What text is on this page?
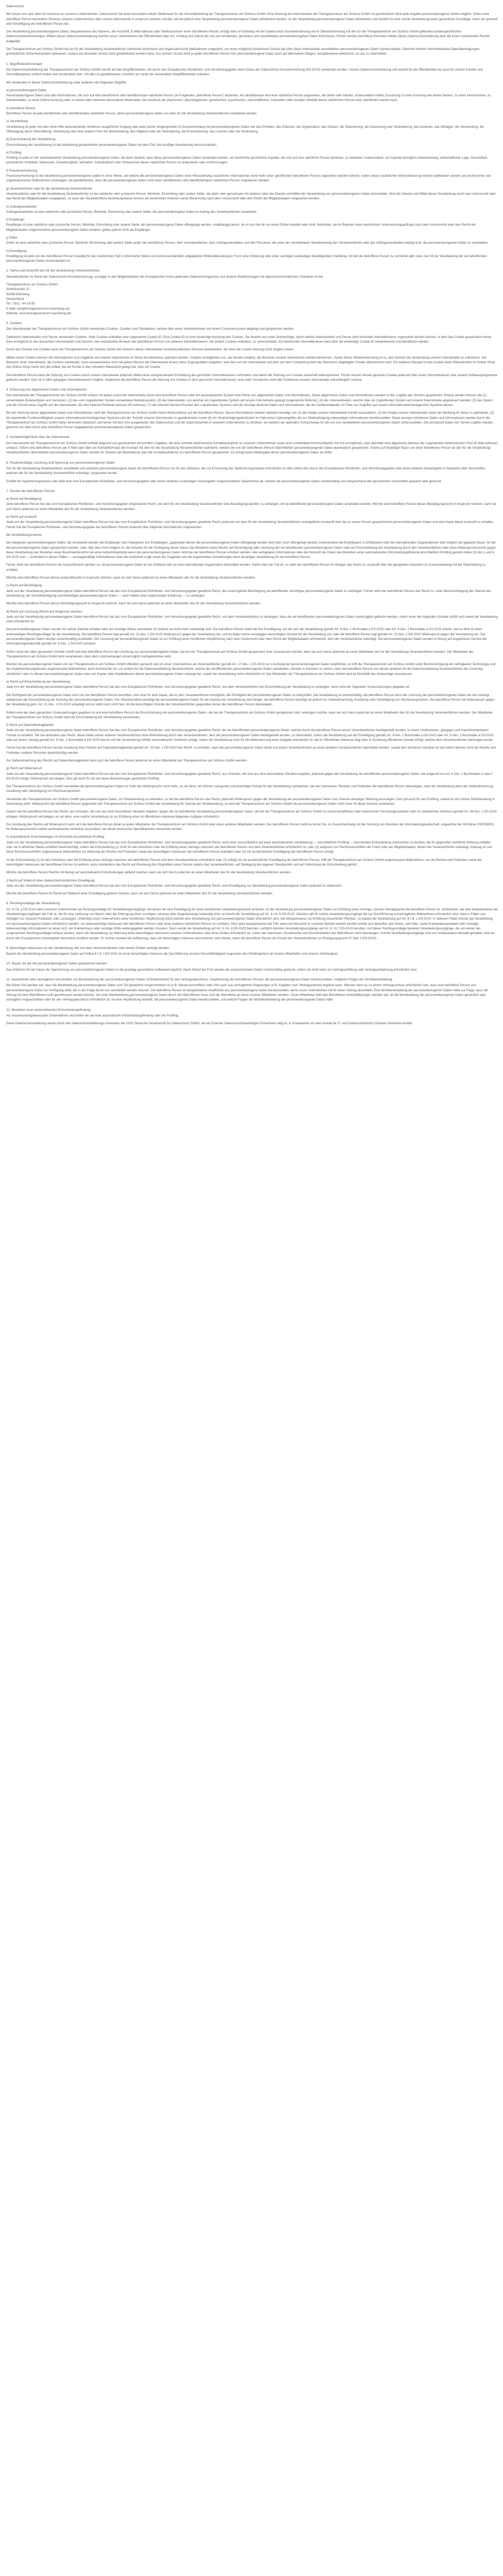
Datenschutz

Wir freuen uns sehr über Ihr Interesse an unserem Unternehmen. Datenschutz hat einen besonders hohen Stellenwert für die Geschäftsleitung der Therapiezentrum am Schloss GmbH. Eine Nutzung der Internetseiten der Therapiezentrum am Schloss GmbH ist grundsätzlich ohne jede Angabe personenbezogener Daten möglich. Sofern eine betroffene Person besondere Services unseres Unternehmens über unsere Internetseite in Anspruch nehmen möchte, könnte jedoch eine Verarbeitung personenbezogener Daten erforderlich werden. Ist die Verarbeitung personenbezogener Daten erforderlich und besteht für eine solche Verarbeitung keine gesetzliche Grundlage, holen wir generell eine Einwilligung der betroffenen Person ein.

Die Verarbeitung personenbezogener Daten, beispielsweise des Namens, der Anschrift, E-Mail-Adresse oder Telefonnummer einer betroffenen Person, erfolgt stets im Einklang mit der Datenschutz-Grundverordnung und in Übereinstimmung mit den für die Therapiezentrum am Schloss GmbH geltenden landesspezifischen Datenschutzbestimmungen. Mittels dieser Datenschutzerklärung möchte unser Unternehmen die Öffentlichkeit über Art, Umfang und Zweck der von uns erhobenen, genutzten und verarbeiteten personenbezogenen Daten informieren. Ferner werden betroffene Personen mittels dieser Datenschutzerklärung über die ihnen zustehenden Rechte aufgeklärt.

Die Therapiezentrum am Schloss GmbH hat als für die Verarbeitung Verantwortlicher zahlreiche technische und organisatorische Maßnahmen umgesetzt, um einen möglichst lückenlosen Schutz der über diese Internetseite verarbeiteten personenbezogenen Daten sicherzustellen. Dennoch können internetbasierte Datenübertragungen grundsätzlich Sicherheitslücken aufweisen, sodass ein absoluter Schutz nicht gewährleistet werden kann. Aus diesem Grund steht es jeder betroffenen Person frei, personenbezogene Daten auch auf alternativen Wegen, beispielsweise telefonisch, an uns zu übermitteln.

1. Begriffsbestimmungen

Die Datenschutzerklärung der Therapiezentrum am Schloss GmbH beruht auf den Begrifflichkeiten, die durch den Europäischen Richtlinien- und Verordnungsgeber beim Erlass der Datenschutz-Grundverordnung (DS-GVO) verwendet wurden. Unsere Datenschutzerklärung soll sowohl für die Öffentlichkeit als auch für unsere Kunden und Geschäftspartner einfach lesbar und verständlich sein. Um dies zu gewährleisten, möchten wir vorab die verwendeten Begrifflichkeiten erläutern.

Wir verwenden in dieser Datenschutzerklärung unter anderem die folgenden Begriffe:

a) personenbezogene Daten

Personenbezogene Daten sind alle Informationen, die sich auf eine identifizierte oder identifizierbare natürliche Person (im Folgenden „betroffene Person“) beziehen. Als identifizierbar wird eine natürliche Person angesehen, die direkt oder indirekt, insbesondere mittels Zuordnung zu einer Kennung wie einem Namen, zu einer Kennnummer, zu Standortdaten, zu einer Online-Kennung oder zu einem oder mehreren besonderen Merkmalen, die Ausdruck der physischen, physiologischen, genetischen, psychischen, wirtschaftlichen, kulturellen oder sozialen Identität dieser natürlichen Person sind, identifiziert werden kann.

b) betroffene Person

Betroffene Person ist jede identifizierte oder identifizierbare natürliche Person, deren personenbezogene Daten von dem für die Verarbeitung Verantwortlichen verarbeitet werden.

c) Verarbeitung

Verarbeitung ist jeder mit oder ohne Hilfe automatisierter Verfahren ausgeführte Vorgang oder jede solche Vorgangsreihe im Zusammenhang mit personenbezogenen Daten wie das Erheben, das Erfassen, die Organisation, das Ordnen, die Speicherung, die Anpassung oder Veränderung, das Auslesen, das Abfragen, die Verwendung, die Offenlegung durch Übermittlung, Verbreitung oder eine andere Form der Bereitstellung, den Abgleich oder die Verknüpfung, die Einschränkung, das Löschen oder die Vernichtung.

d) Einschränkung der Verarbeitung

Einschränkung der Verarbeitung ist die Markierung gespeicherter personenbezogener Daten mit dem Ziel, ihre künftige Verarbeitung einzuschränken.

e) Profiling

Profiling ist jede Art der automatisierten Verarbeitung personenbezogener Daten, die darin besteht, dass diese personenbezogenen Daten verwendet werden, um bestimmte persönliche Aspekte, die sich auf eine natürliche Person beziehen, zu bewerten, insbesondere, um Aspekte bezüglich Arbeitsleistung, wirtschaftlicher Lage, Gesundheit, persönlicher Vorlieben, Interessen, Zuverlässigkeit, Verhalten, Aufenthaltsort oder Ortswechsel dieser natürlichen Person zu analysieren oder vorherzusagen.

f) Pseudonymisierung

Pseudonymisierung ist die Verarbeitung personenbezogener Daten in einer Weise, auf welche die personenbezogenen Daten ohne Hinzuziehung zusätzlicher Informationen nicht mehr einer spezifischen betroffenen Person zugeordnet werden können, sofern diese zusätzlichen Informationen gesondert aufbewahrt werden und technischen und organisatorischen Maßnahmen unterliegen, die gewährleisten, dass die personenbezogenen Daten nicht einer identifizierten oder identifizierbaren natürlichen Person zugewiesen werden.

g) Verantwortlicher oder für die Verarbeitung Verantwortlicher

Verantwortlicher oder für die Verarbeitung Verantwortlicher ist die natürliche oder juristische Person, Behörde, Einrichtung oder andere Stelle, die allein oder gemeinsam mit anderen über die Zwecke und Mittel der Verarbeitung von personenbezogenen Daten entscheidet. Sind die Zwecke und Mittel dieser Verarbeitung durch das Unionsrecht oder das Recht der Mitgliedstaaten vorgegeben, so kann der Verantwortliche beziehungsweise können die bestimmten Kriterien seiner Benennung nach dem Unionsrecht oder dem Recht der Mitgliedstaaten vorgesehen werden.

h) Auftragsverarbeiter

Auftragsverarbeiter ist eine natürliche oder juristische Person, Behörde, Einrichtung oder andere Stelle, die personenbezogene Daten im Auftrag des Verantwortlichen verarbeitet.

i) Empfänger

Empfänger ist eine natürliche oder juristische Person, Behörde, Einrichtung oder andere Stelle, der personenbezogene Daten offengelegt werden, unabhängig davon, ob es sich bei ihr um einen Dritten handelt oder nicht. Behörden, die im Rahmen eines bestimmten Untersuchungsauftrags nach dem Unionsrecht oder dem Recht der Mitgliedstaaten möglicherweise personenbezogene Daten erhalten, gelten jedoch nicht als Empfänger.

j) Dritter

Dritter ist eine natürliche oder juristische Person, Behörde, Einrichtung oder andere Stelle außer der betroffenen Person, dem Verantwortlichen, dem Auftragsverarbeiter und den Personen, die unter der unmittelbaren Verantwortung des Verantwortlichen oder des Auftragsverarbeiters befugt sind, die personenbezogenen Daten zu verarbeiten.

k) Einwilligung

Einwilligung ist jede von der betroffenen Person freiwillig für den bestimmten Fall in informierter Weise und unmissverständlich abgegebene Willensbekundung in Form einer Erklärung oder einer sonstigen eindeutigen bestätigenden Handlung, mit der die betroffene Person zu verstehen gibt, dass sie mit der Verarbeitung der sie betreffenden personenbezogenen Daten einverstanden ist.

2. Name und Anschrift des für die Verarbeitung Verantwortlichen

Verantwortlicher im Sinne der Datenschutz-Grundverordnung, sonstiger in den Mitgliedstaaten der Europäischen Union geltenden Datenschutzgesetze und anderer Bestimmungen mit datenschutzrechtlichem Charakter ist die:

Therapiezentrum am Schloss GmbH
Schloßstraße 22
90459 Nürnberg
Deutschland
Tel.: 0911 / 44 29 55
E-Mail: info@therapiezentrum-nuernberg.net
Website: www.therapiezentrum-nuernberg.net

3. Cookies

Die Internetseiten der Therapiezentrum am Schloss GmbH verwenden Cookies. Cookies sind Textdateien, welche über einen Internetbrowser auf einem Computersystem abgelegt und gespeichert werden.

Zahlreiche Internetseiten und Server verwenden Cookies. Viele Cookies enthalten eine sogenannte Cookie-ID. Eine Cookie-ID ist eine eindeutige Kennung des Cookies. Sie besteht aus einer Zeichenfolge, durch welche Internetseiten und Server dem konkreten Internetbrowser zugeordnet werden können, in dem das Cookie gespeichert wurde. Dies ermöglicht es den besuchten Internetseiten und Servern, den individuellen Browser der betroffenen Person von anderen Internetbrowsern, die andere Cookies enthalten, zu unterscheiden. Ein bestimmter Internetbrowser kann über die eindeutige Cookie-ID wiedererkannt und identifiziert werden.

Durch den Einsatz von Cookies kann die Therapiezentrum am Schloss GmbH den Nutzern dieser Internetseite nutzerfreundlichere Services bereitstellen, die ohne die Cookie-Setzung nicht möglich wären.

Mittels eines Cookies können die Informationen und Angebote auf unserer Internetseite im Sinne des Benutzers optimiert werden. Cookies ermöglichen uns, wie bereits erwähnt, die Benutzer unserer Internetseite wiederzuerkennen. Zweck dieser Wiedererkennung ist es, den Nutzern die Verwendung unserer Internetseite zu erleichtern. Der Benutzer einer Internetseite, die Cookies verwendet, muss beispielsweise nicht bei jedem Besuch der Internetseite erneut seine Zugangsdaten eingeben, weil dies von der Internetseite und dem auf dem Computersystem des Benutzers abgelegten Cookie übernommen wird. Ein weiteres Beispiel ist das Cookie eines Warenkorbes im Online-Shop. Der Online-Shop merkt sich die Artikel, die ein Kunde in den virtuellen Warenkorb gelegt hat, über ein Cookie.

Die betroffene Person kann die Setzung von Cookies durch unsere Internetseite jederzeit mittels einer entsprechenden Einstellung des genutzten Internetbrowsers verhindern und damit der Setzung von Cookies dauerhaft widersprechen. Ferner können bereits gesetzte Cookies jederzeit über einen Internetbrowser oder andere Softwareprogramme gelöscht werden. Dies ist in allen gängigen Internetbrowsern möglich. Deaktiviert die betroffene Person die Setzung von Cookies in dem genutzten Internetbrowser, sind unter Umständen nicht alle Funktionen unserer Internetseite vollumfänglich nutzbar.

4. Erfassung von allgemeinen Daten und Informationen

Die Internetseite der Therapiezentrum am Schloss GmbH erfasst mit jedem Aufruf der Internetseite durch eine betroffene Person oder ein automatisiertes System eine Reihe von allgemeinen Daten und Informationen. Diese allgemeinen Daten und Informationen werden in den Logfiles des Servers gespeichert. Erfasst werden können die (1) verwendeten Browsertypen und Versionen, (2) das vom zugreifenden System verwendete Betriebssystem, (3) die Internetseite, von welcher ein zugreifendes System auf unsere Internetseite gelangt (sogenannte Referrer), (4) die Unterwebseiten, welche über ein zugreifendes System auf unserer Internetseite angesteuert werden, (5) das Datum und die Uhrzeit eines Zugriffs auf die Internetseite, (6) eine Internet-Protokoll-Adresse (IP-Adresse), (7) der Internet-Service-Provider des zugreifenden Systems und (8) sonstige ähnliche Daten und Informationen, die der Gefahrenabwehr im Falle von Angriffen auf unsere informationstechnologischen Systeme dienen.

Bei der Nutzung dieser allgemeinen Daten und Informationen zieht die Therapiezentrum am Schloss GmbH keine Rückschlüsse auf die betroffene Person. Diese Informationen werden vielmehr benötigt, um (1) die Inhalte unserer Internetseite korrekt auszuliefern, (2) die Inhalte unserer Internetseite sowie die Werbung für diese zu optimieren, (3) die dauerhafte Funktionsfähigkeit unserer informationstechnologischen Systeme und der Technik unserer Internetseite zu gewährleisten sowie (4) um Strafverfolgungsbehörden im Falle eines Cyberangriffes die zur Strafverfolgung notwendigen Informationen bereitzustellen. Diese anonym erhobenen Daten und Informationen werden durch die Therapiezentrum am Schloss GmbH daher einerseits statistisch und ferner mit dem Ziel ausgewertet, den Datenschutz und die Datensicherheit in unserem Unternehmen zu erhöhen, um letztlich ein optimales Schutzniveau für die von uns verarbeiteten personenbezogenen Daten sicherzustellen. Die anonymen Daten der Server-Logfiles werden getrennt von allen durch eine betroffene Person angegebenen personenbezogenen Daten gespeichert.

5. Kontaktmöglichkeit über die Internetseite

Die Internetseite der Therapiezentrum am Schloss GmbH enthält aufgrund von gesetzlichen Vorschriften Angaben, die eine schnelle elektronische Kontaktaufnahme zu unserem Unternehmen sowie eine unmittelbare Kommunikation mit uns ermöglichen, was ebenfalls eine allgemeine Adresse der sogenannten elektronischen Post (E-Mail-Adresse) umfasst. Sofern eine betroffene Person per E-Mail oder über ein Kontaktformular den Kontakt mit dem für die Verarbeitung Verantwortlichen aufnimmt, werden die von der betroffenen Person übermittelten personenbezogenen Daten automatisch gespeichert. Solche auf freiwilliger Basis von einer betroffenen Person an den für die Verarbeitung Verantwortlichen übermittelten personenbezogenen Daten werden für Zwecke der Bearbeitung oder der Kontaktaufnahme zur betroffenen Person gespeichert. Es erfolgt keine Weitergabe dieser personenbezogenen Daten an Dritte.

6. Routinemäßige Löschung und Sperrung von personenbezogenen Daten

Der für die Verarbeitung Verantwortliche verarbeitet und speichert personenbezogene Daten der betroffenen Person nur für den Zeitraum, der zur Erreichung des Speicherungszwecks erforderlich ist oder sofern dies durch den Europäischen Richtlinien- und Verordnungsgeber oder einen anderen Gesetzgeber in Gesetzen oder Vorschriften, welchen der für die Verarbeitung Verantwortliche unterliegt, vorgesehen wurde.

Entfällt der Speicherungszweck oder läuft eine vom Europäischen Richtlinien- und Verordnungsgeber oder einem anderen zuständigen Gesetzgeber vorgeschriebene Speicherfrist ab, werden die personenbezogenen Daten routinemäßig und entsprechend den gesetzlichen Vorschriften gesperrt oder gelöscht.

7. Rechte der betroffenen Person
a) Recht auf Bestätigung

Jede betroffene Person hat das vom Europäischen Richtlinien- und Verordnungsgeber eingeräumte Recht, von dem für die Verarbeitung Verantwortlichen eine Bestätigung darüber zu verlangen, ob sie betreffende personenbezogene Daten verarbeitet werden. Möchte eine betroffene Person dieses Bestätigungsrecht in Anspruch nehmen, kann sie sich hierzu jederzeit an einen Mitarbeiter des für die Verarbeitung Verantwortlichen wenden.

b) Recht auf Auskunft

Jede von der Verarbeitung personenbezogener Daten betroffene Person hat das vom Europäischen Richtlinien- und Verordnungsgeber gewährte Recht, jederzeit von dem für die Verarbeitung Verantwortlichen unentgeltliche Auskunft über die zu seiner Person gespeicherten personenbezogenen Daten und eine Kopie dieser Auskunft zu erhalten. Ferner hat der Europäische Richtlinien- und Verordnungsgeber der betroffenen Person Auskunft über folgende Informationen zugestanden:

die Verarbeitungszwecke

die Kategorien personenbezogener Daten, die verarbeitet werden die Empfänger oder Kategorien von Empfängern, gegenüber denen die personenbezogenen Daten offengelegt worden sind oder noch offengelegt werden, insbesondere bei Empfängern in Drittländern oder bei internationalen Organisationen falls möglich die geplante Dauer, für die die personenbezogenen Daten gespeichert werden, oder, falls dies nicht möglich ist, die Kriterien für die Festlegung dieser Dauer das Bestehen eines Rechts auf Berichtigung oder Löschung der sie betreffenden personenbezogenen Daten oder auf Einschränkung der Verarbeitung durch den Verantwortlichen oder eines Widerspruchsrechts gegen diese Verarbeitung das Bestehen eines Beschwerderechts bei einer Aufsichtsbehörde wenn die personenbezogenen Daten nicht bei der betroffenen Person erhoben werden: Alle verfügbaren Informationen über die Herkunft der Daten das Bestehen einer automatisierten Entscheidungsfindung einschließlich Profiling gemäß Artikel 22 Abs.1 und 4 DS-GVO und — zumindest in diesen Fällen — aussagekräftige Informationen über die involvierte Logik sowie die Tragweite und die angestrebten Auswirkungen einer derartigen Verarbeitung für die betroffene Person

Ferner steht der betroffenen Person ein Auskunftsrecht darüber zu, ob personenbezogene Daten an ein Drittland oder an eine internationale Organisation übermittelt wurden. Sofern dies der Fall ist, so steht der betroffenen Person im Übrigen das Recht zu, Auskunft über die geeigneten Garantien im Zusammenhang mit der Übermittlung zu erhalten.

Möchte eine betroffene Person dieses Auskunftsrecht in Anspruch nehmen, kann sie sich hierzu jederzeit an einen Mitarbeiter des für die Verarbeitung Verantwortlichen wenden.

c) Recht auf Berichtigung

Jede von der Verarbeitung personenbezogener Daten betroffene Person hat das vom Europäischen Richtlinien- und Verordnungsgeber gewährte Recht, die unverzügliche Berichtigung sie betreffender unrichtiger personenbezogener Daten zu verlangen. Ferner steht der betroffenen Person das Recht zu, unter Berücksichtigung der Zwecke der Verarbeitung, die Vervollständigung unvollständiger personenbezogener Daten — auch mittels einer ergänzenden Erklärung — zu verlangen.

Möchte eine betroffene Person dieses Berichtigungsrecht in Anspruch nehmen, kann sie sich hierzu jederzeit an einen Mitarbeiter des für die Verarbeitung Verantwortlichen wenden.

d) Recht auf Löschung (Recht auf Vergessen werden)

Jede von der Verarbeitung personenbezogener Daten betroffene Person hat das vom Europäischen Richtlinien- und Verordnungsgeber gewährte Recht, von dem Verantwortlichen zu verlangen, dass die sie betreffenden personenbezogenen Daten unverzüglich gelöscht werden, sofern einer der folgenden Gründe zutrifft und soweit die Verarbeitung nicht erforderlich ist:

Die personenbezogenen Daten wurden für solche Zwecke erhoben oder auf sonstige Weise verarbeitet, für welche sie nicht mehr notwendig sind. Die betroffene Person widerruft ihre Einwilligung, auf die sich die Verarbeitung gemäß Art. 6 Abs. 1 Buchstabe a DS-GVO oder Art. 9 Abs. 2 Buchstabe a DS-GVO stützte, und es fehlt an einer anderweitigen Rechtsgrundlage für die Verarbeitung. Die betroffene Person legt gemäß Art. 21 Abs. 1 DS-GVO Widerspruch gegen die Verarbeitung ein, und es liegen keine vorrangigen berechtigten Gründe für die Verarbeitung vor, oder die betroffene Person legt gemäß Art. 21 Abs. 2 DS-GVO Widerspruch gegen die Verarbeitung ein. Die personenbezogenen Daten wurden unrechtmäßig verarbeitet. Die Löschung der personenbezogenen Daten ist zur Erfüllung einer rechtlichen Verpflichtung nach dem Unionsrecht oder dem Recht der Mitgliedstaaten erforderlich, dem der Verantwortliche unterliegt. Die personenbezogenen Daten wurden in Bezug auf angebotene Dienste der Informationsgesellschaft gemäß Art. 8 Abs. 1 DS-GVO erhoben.

Sofern einer der oben genannten Gründe zutrifft und eine betroffene Person die Löschung von personenbezogenen Daten, die bei der Therapiezentrum am Schloss GmbH gespeichert sind, veranlassen möchte, kann sie sich hierzu jederzeit an einen Mitarbeiter des für die Verarbeitung Verantwortlichen wenden. Der Mitarbeiter der Therapiezentrum am Schloss GmbH wird veranlassen, dass dem Löschverlangen unverzüglich nachgekommen wird.

Wurden die personenbezogenen Daten von der Therapiezentrum am Schloss GmbH öffentlich gemacht und ist unser Unternehmen als Verantwortlicher gemäß Art. 17 Abs. 1 DS-GVO zur Löschung der personenbezogenen Daten verpflichtet, so trifft die Therapiezentrum am Schloss GmbH unter Berücksichtigung der verfügbaren Technologie und der Implementierungskosten angemessene Maßnahmen, auch technischer Art, um andere für die Datenverarbeitung Verantwortliche, welche die veröffentlichten personenbezogenen Daten verarbeiten, darüber in Kenntnis zu setzen, dass die betroffene Person von diesen anderen für die Datenverarbeitung Verantwortlichen die Löschung sämtlicher Links zu diesen personenbezogenen Daten oder von Kopien oder Replikationen dieser personenbezogenen Daten verlangt hat, soweit die Verarbeitung nicht erforderlich ist. Der Mitarbeiter der Therapiezentrum am Schloss GmbH wird im Einzelfall das Notwendige veranlassen.

e) Recht auf Einschränkung der Verarbeitung

Jede von der Verarbeitung personenbezogener Daten betroffene Person hat das vom Europäischen Richtlinien- und Verordnungsgeber gewährte Recht, von dem Verantwortlichen die Einschränkung der Verarbeitung zu verlangen, wenn eine der folgenden Voraussetzungen gegeben ist:

Die Richtigkeit der personenbezogenen Daten wird von der betroffenen Person bestritten, und zwar für eine Dauer, die es dem Verantwortlichen ermöglicht, die Richtigkeit der personenbezogenen Daten zu überprüfen. Die Verarbeitung ist unrechtmäßig, die betroffene Person lehnt die Löschung der personenbezogenen Daten ab und verlangt stattdessen die Einschränkung der Nutzung der personenbezogenen Daten. Der Verantwortliche benötigt die personenbezogenen Daten für die Zwecke der Verarbeitung nicht länger, die betroffene Person benötigt sie jedoch zur Geltendmachung, Ausübung oder Verteidigung von Rechtsansprüchen. Die betroffene Person hat Widerspruch gegen die Verarbeitung gem. Art. 21 Abs. 1 DS-GVO eingelegt und es steht noch nicht fest, ob die berechtigten Gründe des Verantwortlichen gegenüber denen der betroffenen Person überwiegen.

Sofern eine der oben genannten Voraussetzungen gegeben ist und eine betroffene Person die Einschränkung von personenbezogenen Daten, die bei der Therapiezentrum am Schloss GmbH gespeichert sind, verlangen möchte, kann sie sich hierzu jederzeit an einen Mitarbeiter des für die Verarbeitung Verantwortlichen wenden. Der Mitarbeiter der Therapiezentrum am Schloss GmbH wird die Einschränkung der Verarbeitung veranlassen.

f) Recht auf Datenübertragbarkeit

Jede von der Verarbeitung personenbezogener Daten betroffene Person hat das vom Europäischen Richtlinien- und Verordnungsgeber gewährte Recht, die sie betreffenden personenbezogenen Daten, welche durch die betroffene Person einem Verantwortlichen bereitgestellt wurden, in einem strukturierten, gängigen und maschinenlesbaren Format zu erhalten. Sie hat außerdem das Recht, diese Daten einem anderen Verantwortlichen ohne Behinderung durch den Verantwortlichen, dem die personenbezogenen Daten bereitgestellt wurden, zu übermitteln, sofern die Verarbeitung auf der Einwilligung gemäß Art. 6 Abs. 1 Buchstabe a DS-GVO oder Art. 9 Abs. 2 Buchstabe a DS-GVO oder auf einem Vertrag gemäß Art. 6 Abs. 1 Buchstabe b DS-GVO beruht und die Verarbeitung mithilfe automatisierter Verfahren erfolgt, sofern die Verarbeitung nicht für die Wahrnehmung einer Aufgabe erforderlich ist, die im öffentlichen Interesse liegt oder in Ausübung öffentlicher Gewalt erfolgt, welche dem Verantwortlichen übertragen wurde.

Ferner hat die betroffene Person bei der Ausübung ihres Rechts auf Datenübertragbarkeit gemäß Art. 20 Abs. 1 DS-GVO das Recht, zu erwirken, dass die personenbezogenen Daten direkt von einem Verantwortlichen an einen anderen Verantwortlichen übermittelt werden, soweit dies technisch machbar ist und sofern hiervon nicht die Rechte und Freiheiten anderer Personen beeinträchtigt werden.

Zur Geltendmachung des Rechts auf Datenübertragbarkeit kann sich die betroffene Person jederzeit an einen Mitarbeiter der Therapiezentrum am Schloss GmbH wenden.

g) Recht auf Widerspruch

Jede von der Verarbeitung personenbezogener Daten betroffene Person hat das vom Europäischen Richtlinien- und Verordnungsgeber gewährte Recht, aus Gründen, die sich aus ihrer besonderen Situation ergeben, jederzeit gegen die Verarbeitung sie betreffender personenbezogener Daten, die aufgrund von Art. 6 Abs. 1 Buchstaben e oder f DS-GVO erfolgt, Widerspruch einzulegen. Dies gilt auch für ein auf diese Bestimmungen gestütztes Profiling.

Die Therapiezentrum am Schloss GmbH verarbeitet die personenbezogenen Daten im Falle des Widerspruchs nicht mehr, es sei denn, wir können zwingende schutzwürdige Gründe für die Verarbeitung nachweisen, die den Interessen, Rechten und Freiheiten der betroffenen Person überwiegen, oder die Verarbeitung dient der Geltendmachung, Ausübung oder Verteidigung von Rechtsansprüchen.

Verarbeitet die Therapiezentrum am Schloss GmbH personenbezogene Daten, um Direktwerbung zu betreiben, so hat die betroffene Person das Recht, jederzeit Widerspruch gegen die Verarbeitung der personenbezogenen Daten zum Zwecke derartiger Werbung einzulegen. Dies gilt auch für das Profiling, soweit es mit solcher Direktwerbung in Verbindung steht. Widerspricht die betroffene Person gegenüber der Therapiezentrum am Schloss GmbH der Verarbeitung für Zwecke der Direktwerbung, so wird die Therapiezentrum am Schloss GmbH die personenbezogenen Daten nicht mehr für diese Zwecke verarbeiten.

Zudem hat die betroffene Person das Recht, aus Gründen, die sich aus ihrer besonderen Situation ergeben, gegen die sie betreffende Verarbeitung personenbezogener Daten, die bei der Therapiezentrum am Schloss GmbH zu wissenschaftlichen oder historischen Forschungszwecken oder zu statistischen Zwecken gemäß Art. 89 Abs. 1 DS-GVO erfolgen, Widerspruch einzulegen, es sei denn, eine solche Verarbeitung ist zur Erfüllung einer im öffentlichen Interesse liegenden Aufgabe erforderlich.

Zur Ausübung des Rechts auf Widerspruch kann sich die betroffene Person direkt an jeden Mitarbeiter der Therapiezentrum am Schloss GmbH oder einen anderen Mitarbeiter wenden. Der betroffenen Person steht es ferner frei, im Zusammenhang mit der Nutzung von Diensten der Informationsgesellschaft, ungeachtet der Richtlinie 2002/58/EG, ihr Widerspruchsrecht mittels automatisierter Verfahren auszuüben, bei denen technische Spezifikationen verwendet werden.

h) Automatisierte Entscheidungen im Einzelfall einschließlich Profiling

Jede von der Verarbeitung personenbezogener Daten betroffene Person hat das vom Europäischen Richtlinien- und Verordnungsgeber gewährte Recht, nicht einer ausschließlich auf einer automatisierten Verarbeitung — einschließlich Profiling — beruhenden Entscheidung unterworfen zu werden, die ihr gegenüber rechtliche Wirkung entfaltet oder sie in ähnlicher Weise erheblich beeinträchtigt, sofern die Entscheidung (1) nicht für den Abschluss oder die Erfüllung eines Vertrags zwischen der betroffenen Person und dem Verantwortlichen erforderlich ist, oder (2) aufgrund von Rechtsvorschriften der Union oder der Mitgliedstaaten, denen der Verantwortliche unterliegt, zulässig ist und diese Rechtsvorschriften angemessene Maßnahmen zur Wahrung der Rechte und Freiheiten sowie der berechtigten Interessen der betroffenen Person enthalten oder (3) mit ausdrücklicher Einwilligung der betroffenen Person erfolgt.

Ist die Entscheidung (1) für den Abschluss oder die Erfüllung eines Vertrags zwischen der betroffenen Person und dem Verantwortlichen erforderlich oder (2) erfolgt sie mit ausdrücklicher Einwilligung der betroffenen Person, trifft die Therapiezentrum am Schloss GmbH angemessene Maßnahmen, um die Rechte und Freiheiten sowie die berechtigten Interessen der betroffenen Person zu wahren, wozu mindestens das Recht auf Erwirkung des Eingreifens einer Person seitens des Verantwortlichen, auf Darlegung des eigenen Standpunkts und auf Anfechtung der Entscheidung gehört.

Möchte die betroffene Person Rechte mit Bezug auf automatisierte Entscheidungen geltend machen, kann sie sich hierzu jederzeit an einen Mitarbeiter des für die Verarbeitung Verantwortlichen wenden.

i) Recht auf Widerruf einer datenschutzrechtlichen Einwilligung

Jede von der Verarbeitung personenbezogener Daten betroffene Person hat das vom Europäischen Richtlinien- und Verordnungsgeber gewährte Recht, eine Einwilligung zur Verarbeitung personenbezogener Daten jederzeit zu widerrufen.

Möchte die betroffene Person ihr Recht auf Widerruf einer Einwilligung geltend machen, kann sie sich hierzu jederzeit an einen Mitarbeiter des für die Verarbeitung Verantwortlichen wenden.

8. Rechtsgrundlage der Verarbeitung

Art. 6 I lit. a DS-GVO dient unserem Unternehmen als Rechtsgrundlage für Verarbeitungsvorgänge, bei denen wir eine Einwilligung für einen bestimmten Verarbeitungszweck einholen. Ist die Verarbeitung personenbezogener Daten zur Erfüllung eines Vertrags, dessen Vertragspartei die betroffene Person ist, erforderlich, wie dies beispielsweise bei Verarbeitungsvorgängen der Fall ist, die für eine Lieferung von Waren oder die Erbringung einer sonstigen Leistung oder Gegenleistung notwendig sind, so beruht die Verarbeitung auf Art. 6 I lit. b DS-GVO. Gleiches gilt für solche Verarbeitungsvorgänge die zur Durchführung vorvertraglicher Maßnahmen erforderlich sind, etwa in Fällen von Anfragen zur unseren Produkten oder Leistungen. Unterliegt unser Unternehmen einer rechtlichen Verpflichtung durch welche eine Verarbeitung von personenbezogenen Daten erforderlich wird, wie beispielsweise zur Erfüllung steuerlicher Pflichten, so basiert die Verarbeitung auf Art. 6 I lit. c DS-GVO. In seltenen Fällen könnte die Verarbeitung von personenbezogenen Daten erforderlich werden, um lebenswichtige Interessen der betroffenen Person oder einer anderen natürlichen Person zu schützen. Dies wäre beispielsweise der Fall, wenn ein Besucher in unserem Betrieb verletzt werden würde und daraufhin sein Name, sein Alter, seine Krankenkassendaten oder sonstige lebenswichtige Informationen an einen Arzt, ein Krankenhaus oder sonstige Dritte weitergegeben werden müssten. Dann würde die Verarbeitung auf Art. 6 I lit. d DS-GVO beruhen. Letztlich könnten Verarbeitungsvorgänge auf Art. 6 I lit. f DS-GVO beruhen. Auf dieser Rechtsgrundlage basieren Verarbeitungsvorgänge, die von keiner der vorgenannten Rechtsgrundlagen erfasst werden, wenn die Verarbeitung zur Wahrung eines berechtigten Interesses unseres Unternehmens oder eines Dritten erforderlich ist, sofern die Interessen, Grundrechte und Grundfreiheiten des Betroffenen nicht überwiegen. Solche Verarbeitungsvorgänge sind uns insbesondere deshalb gestattet, weil sie durch den Europäischen Gesetzgeber besonders erwähnt wurden. Er vertrat insoweit die Auffassung, dass ein berechtigtes Interesse anzunehmen sein könnte, wenn die betroffene Person ein Kunde des Verantwortlichen ist (Erwägungsgrund 47 Satz 2 DS-GVO).

9. Berechtigte Interessen an der Verarbeitung, die von dem Verantwortlichen oder einem Dritten verfolgt werden

Basiert die Verarbeitung personenbezogener Daten auf Artikel 6 I lit. f DS-GVO ist unser berechtigtes Interesse die Durchführung unserer Geschäftstätigkeit zugunsten des Wohlergehens all unserer Mitarbeiter und unserer Anteilseigner.

10. Dauer, für die die personenbezogenen Daten gespeichert werden

Das Kriterium für die Dauer der Speicherung von personenbezogenen Daten ist die jeweilige gesetzliche Aufbewahrungsfrist. Nach Ablauf der Frist werden die entsprechenden Daten routinemäßig gelöscht, sofern sie nicht mehr zur Vertragserfüllung oder Vertragsanbahnung erforderlich sind.

11. Gesetzliche oder vertragliche Vorschriften zur Bereitstellung der personenbezogenen Daten; Erforderlichkeit für den Vertragsabschluss; Verpflichtung der betroffenen Person, die personenbezogenen Daten bereitzustellen; mögliche Folgen der Nichtbereitstellung

Wir klären Sie darüber auf, dass die Bereitstellung personenbezogener Daten zum Teil gesetzlich vorgeschrieben ist (z.B. Steuervorschriften) oder sich auch aus vertraglichen Regelungen (z.B. Angaben zum Vertragspartner) ergeben kann. Mitunter kann es zu einem Vertragsschluss erforderlich sein, dass eine betroffene Person uns personenbezogene Daten zur Verfügung stellt, die in der Folge durch uns verarbeitet werden müssen. Die betroffene Person ist beispielsweise verpflichtet uns personenbezogene Daten bereitzustellen, wenn unser Unternehmen mit ihr einen Vertrag abschließt. Eine Nichtbereitstellung der personenbezogenen Daten hätte zur Folge, dass der Vertrag mit dem Betroffenen nicht geschlossen werden könnte. Vor einer Bereitstellung personenbezogener Daten durch den Betroffenen muss sich der Betroffene an einen unserer Mitarbeiter wenden. Unser Mitarbeiter klärt den Betroffenen einzelfallbezogen darüber auf, ob die Bereitstellung der personenbezogenen Daten gesetzlich oder vertraglich vorgeschrieben oder für den Vertragsabschluss erforderlich ist, ob eine Verpflichtung besteht, die personenbezogenen Daten bereitzustellen, und welche Folgen die Nichtbereitstellung der personenbezogenen Daten hätte.

12. Bestehen einer automatisierten Entscheidungsfindung

Als verantwortungsbewusstes Unternehmen verzichten wir auf eine automatische Entscheidungsfindung oder ein Profiling.

Diese Datenschutzerklärung wurde durch den Datenschutzerklärungs-Generator der DGD Deutsche Gesellschaft für Datenschutz GmbH, die als Externer Datenschutzbeauftragter Rosenheim tätig ist, in Kooperation mit dem Anwalt für IT- und Datenschutzrecht Christian Solmecke erstellt.
